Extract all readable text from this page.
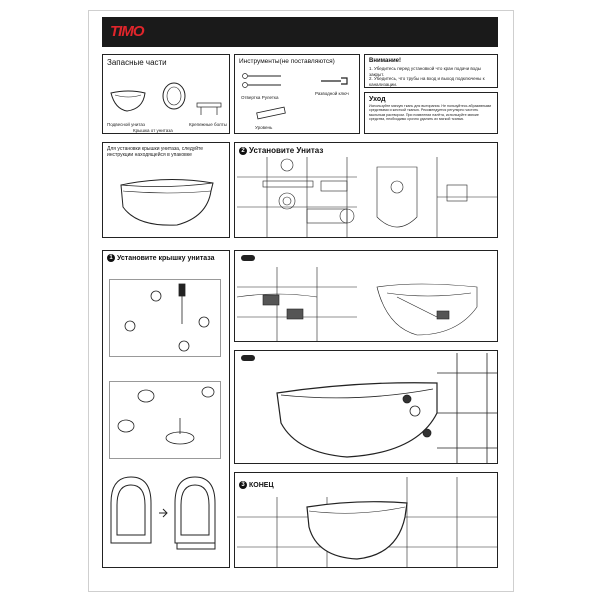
TIMO
Запасные части
Подвесной унитаз
Крышка от унитаза
Крепежные болты
Инструменты(не поставляются)
Разводной ключ
Отвертка Рулетка
Уровень
Внимание!
1. Убедитесь перед установкой что кран подачи воды закрыт.
2. Убедитесь, что трубы на вход и выход подключены к канализации.
Уход
Используйте мягкую ткань для вытирания. Не пользуйтесь абразивными средствами и жесткой тканью. Рекомендуется регулярно чистить мыльным раствором. При появлении налёта, используйте мягкие средства, необходимо срочно удалить их мягкой тканью.
Для установки крышки унитаза, следуйте инструкции находящейся в упаковке
2 Установите Унитаз
1 Установите крышку унитаза
3 КОНЕЦ
